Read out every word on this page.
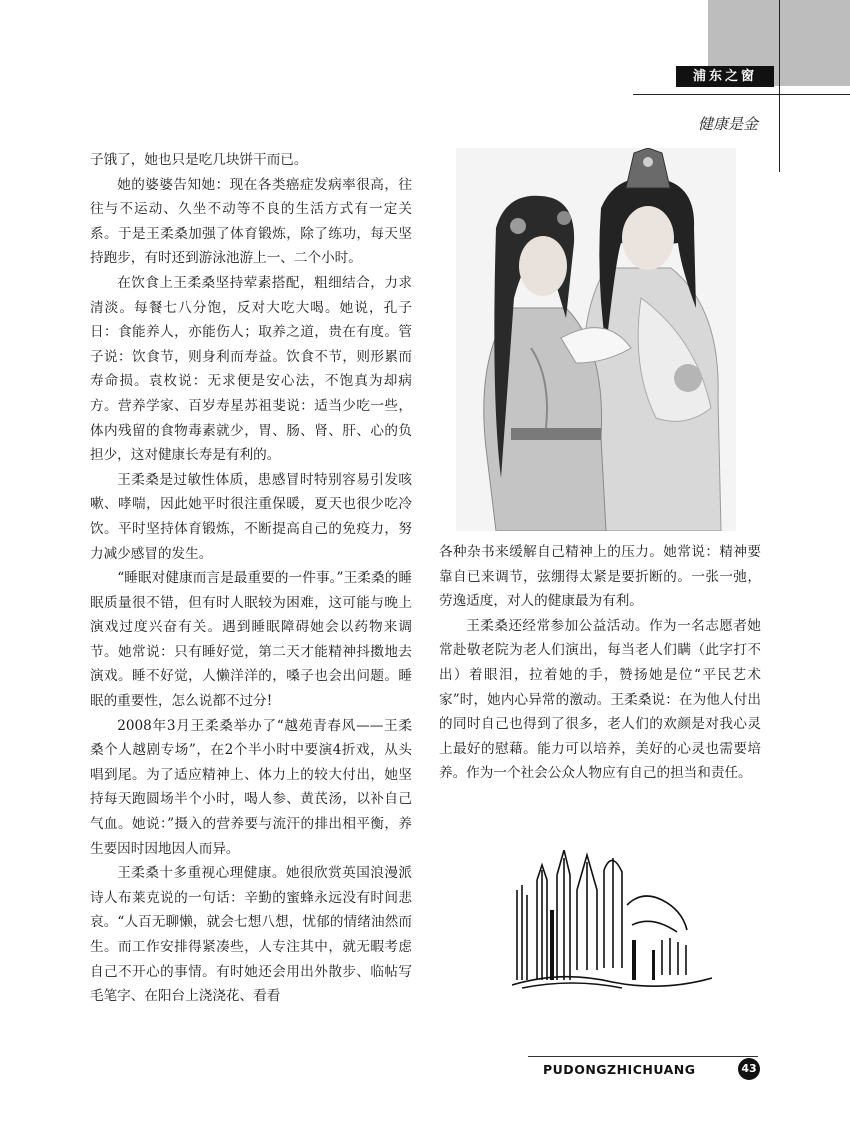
浦东之窗
健康是金

子饿了，她也只是吃几块饼干而已。

她的婆婆告知她：现在各类癌症发病率很高，往往与不运动、久坐不动等不良的生活方式有一定关系。于是王柔桑加强了体育锻炼，除了练功，每天坚持跑步，有时还到游泳池游上一、二个小时。

在饮食上王柔桑坚持荤素搭配，粗细结合，力求清淡。每餐七八分饱，反对大吃大喝。她说，孔子日：食能养人，亦能伤人；取养之道，贵在有度。管子说：饮食节，则身利而寿益。饮食不节，则形累而寿命损。袁枚说：无求便是安心法，不饱真为却病方。营养学家、百岁寿星苏祖斐说：适当少吃一些，体内残留的食物毒素就少，胃、肠、肾、肝、心的负担少，这对健康长寿是有利的。

王柔桑是过敏性体质，患感冒时特别容易引发咳嗽、哮喘，因此她平时很注重保暖，夏天也很少吃冷饮。平时坚持体育锻炼，不断提高自己的免疫力，努力减少感冒的发生。

“睡眠对健康而言是最重要的一件事。”王柔桑的睡眠质量很不错，但有时人眠较为困难，这可能与晚上演戏过度兴奋有关。遇到睡眠障碍她会以药物来调节。她常说：只有睡好觉，第二天才能精神抖擞地去演戏。睡不好觉，人懒洋洋的，嗓子也会出问题。睡眠的重要性，怎么说都不过分!

2008年3月王柔桑举办了“越苑青春风——王柔桑个人越剧专场”，在2个半小时中要演4折戏，从头唱到尾。为了适应精神上、体力上的较大付出，她坚持每天跑圆场半个小时，喝人参、黄芪汤，以补自己气血。她说：”摄入的营养要与流汗的排出相平衡，养生要因时因地因人而异。

王柔桑十多重视心理健康。她很欣赏英国浪漫派诗人布莱克说的一句话：辛勤的蜜蜂永远没有时间悲哀。“人百无聊懒，就会七想八想，忧郁的情绪油然而生。而工作安排得紧凑些，人专注其中，就无暇考虑自己不开心的事情。有时她还会用出外散步、临帖写毛笔字、在阳台上浇浇花、看看

各种杂书来缓解自己精神上的压力。她常说：精神要靠自已来调节，弦绷得太紧是要折断的。一张一弛，劳逸适度，对人的健康最为有利。

王柔桑还经常参加公益活动。作为一名志愿者她常赴敬老院为老人们演出，每当老人们瞒（此字打不出）着眼泪，拉着她的手，赞扬她是位“平民艺术家”时，她内心异常的激动。王柔桑说：在为他人付出的同时自己也得到了很多，老人们的欢颜是对我心灵上最好的慰藉。能力可以培养，美好的心灵也需要培养。作为一个社会公众人物应有自己的担当和责任。

PUDONGZHICHUANG	43
